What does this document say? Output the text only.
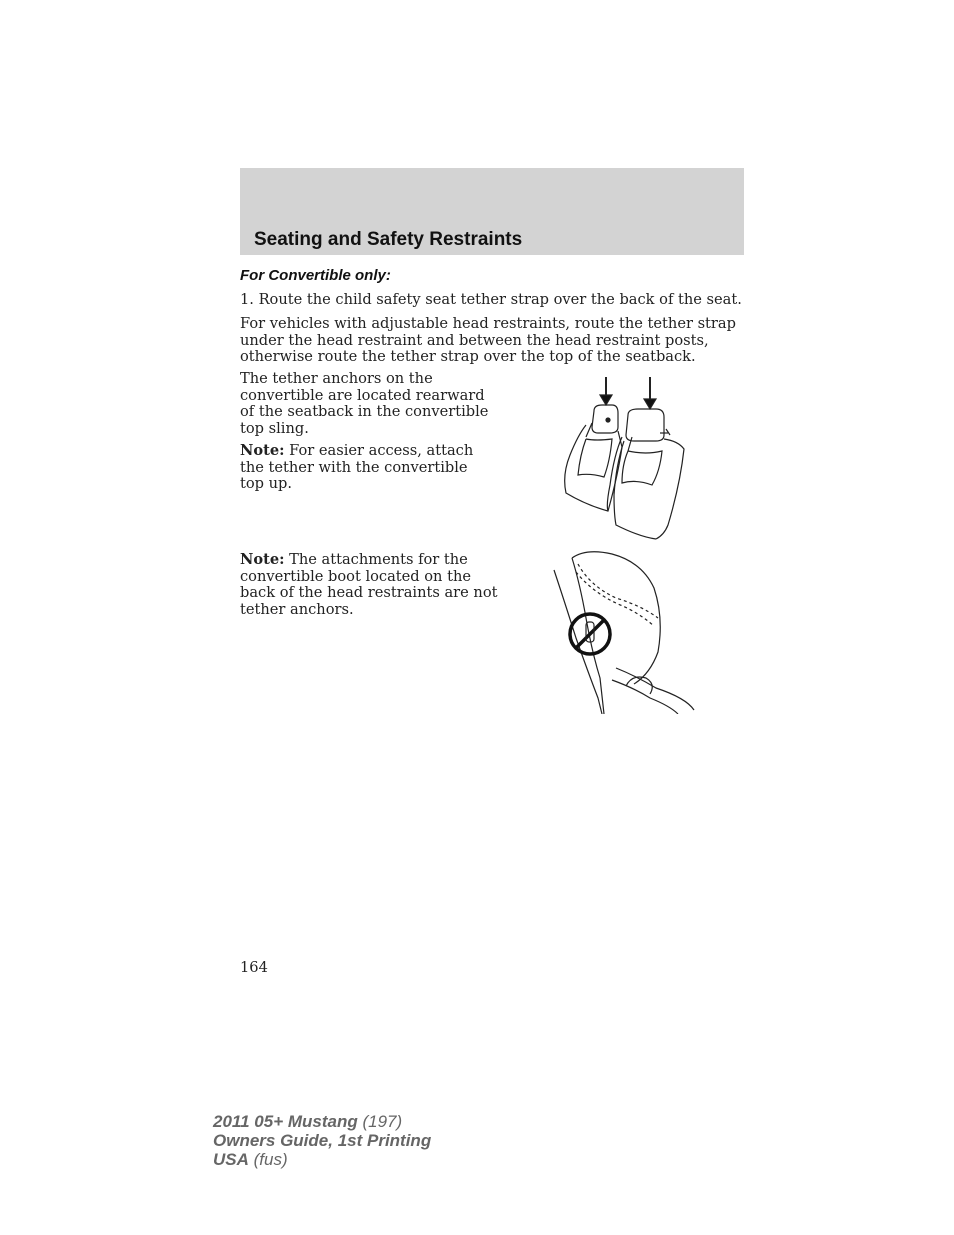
Seating and Safety Restraints
For Convertible only:

1. Route the child safety seat tether strap over the back of the seat.

For vehicles with adjustable head restraints, route the tether strap under the head restraint and between the head restraint posts, otherwise route the tether strap over the top of the seatback.

The tether anchors on the convertible are located rearward of the seatback in the convertible top sling.

Note: For easier access, attach the tether with the convertible top up.

Note: The attachments for the convertible boot located on the back of the head restraints are not tether anchors.

164
2011 05+ Mustang (197)
Owners Guide, 1st Printing
USA (fus)
